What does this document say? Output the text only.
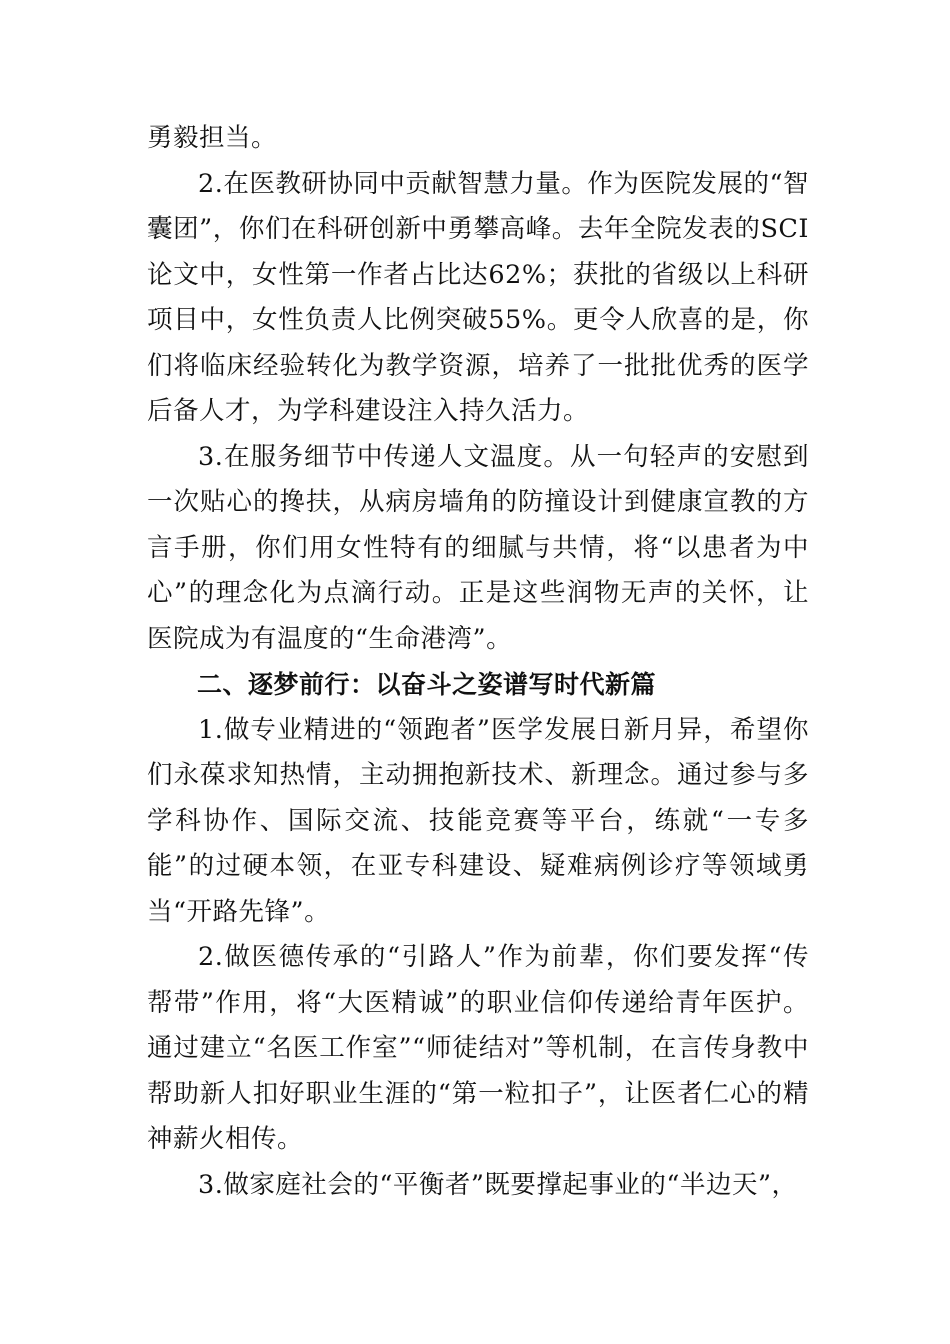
勇毅担当。

2.在医教研协同中贡献智慧力量。作为医院发展的“智囊团”，你们在科研创新中勇攀高峰。去年全院发表的SCI论文中，女性第一作者占比达62%；获批的省级以上科研项目中，女性负责人比例突破55%。更令人欣喜的是，你们将临床经验转化为教学资源，培养了一批批优秀的医学后备人才，为学科建设注入持久活力。

3.在服务细节中传递人文温度。从一句轻声的安慰到一次贴心的搀扶，从病房墙角的防撞设计到健康宣教的方言手册，你们用女性特有的细腻与共情，将“以患者为中心”的理念化为点滴行动。正是这些润物无声的关怀，让医院成为有温度的“生命港湾”。

二、逐梦前行：以奋斗之姿谱写时代新篇

1.做专业精进的“领跑者”医学发展日新月异，希望你们永葆求知热情，主动拥抱新技术、新理念。通过参与多学科协作、国际交流、技能竞赛等平台，练就“一专多能”的过硬本领，在亚专科建设、疑难病例诊疗等领域勇当“开路先锋”。

2.做医德传承的“引路人”作为前辈，你们要发挥“传帮带”作用，将“大医精诚”的职业信仰传递给青年医护。通过建立“名医工作室”“师徒结对”等机制，在言传身教中帮助新人扣好职业生涯的“第一粒扣子”，让医者仁心的精神薪火相传。

3.做家庭社会的“平衡者”既要撑起事业的“半边天”，
